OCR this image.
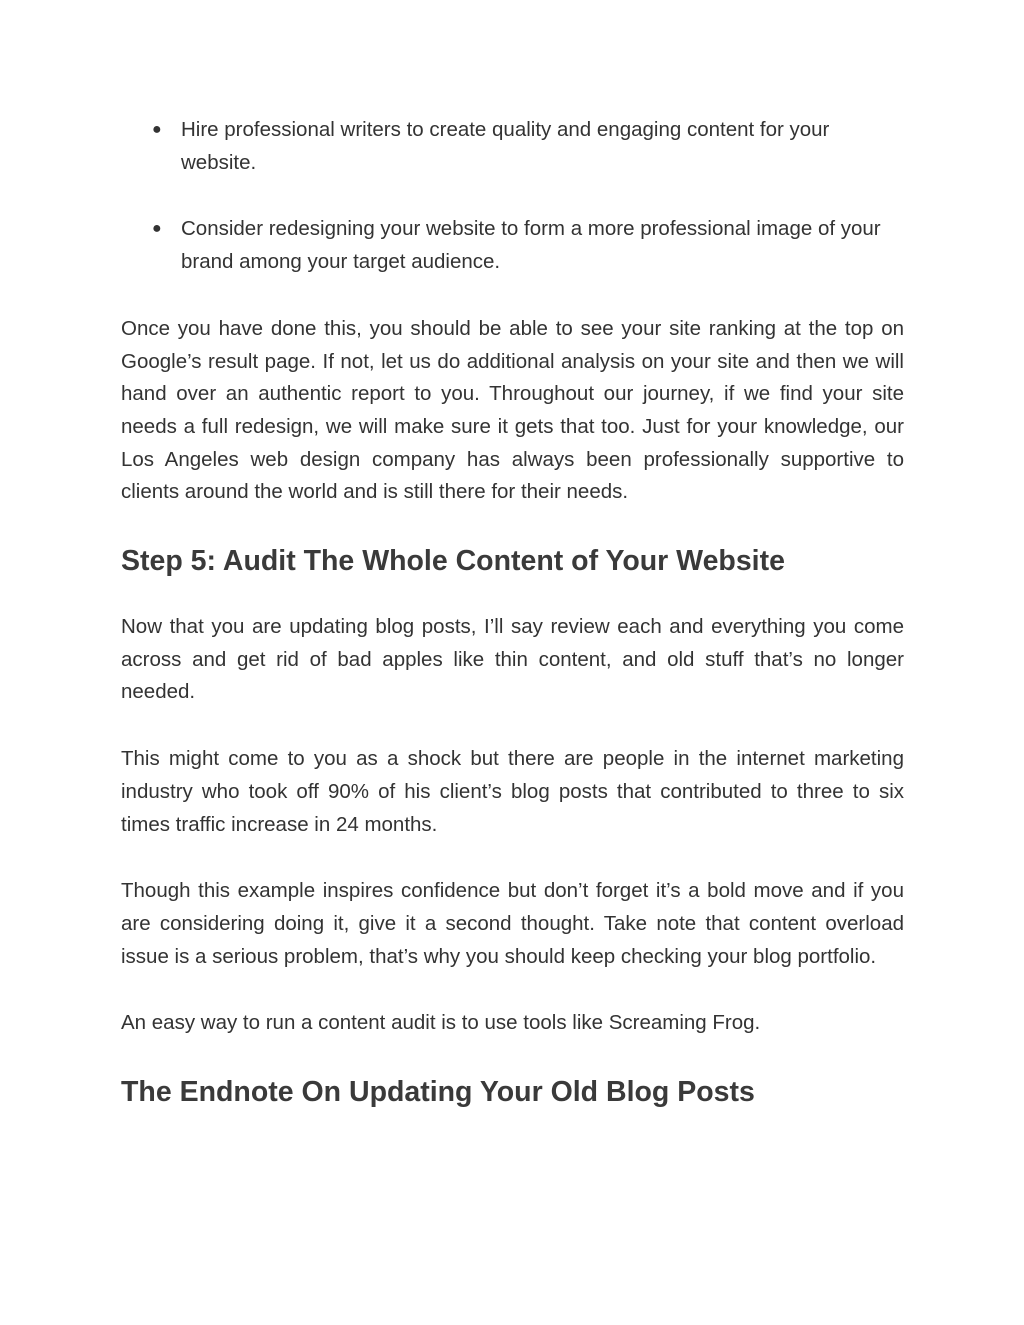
● Hire professional writers to create quality and engaging content for your website.
● Consider redesigning your website to form a more professional image of your brand among your target audience.

Once you have done this, you should be able to see your site ranking at the top on Google’s result page. If not, let us do additional analysis on your site and then we will hand over an authentic report to you. Throughout our journey, if we find your site needs a full redesign, we will make sure it gets that too. Just for your knowledge, our Los Angeles web design company has always been professionally supportive to clients around the world and is still there for their needs.

Step 5: Audit The Whole Content of Your Website

Now that you are updating blog posts, I’ll say review each and everything you come across and get rid of bad apples like thin content, and old stuff that’s no longer needed.

This might come to you as a shock but there are people in the internet marketing industry who took off 90% of his client’s blog posts that contributed to three to six times traffic increase in 24 months.

Though this example inspires confidence but don’t forget it’s a bold move and if you are considering doing it, give it a second thought. Take note that content overload issue is a serious problem, that’s why you should keep checking your blog portfolio.

An easy way to run a content audit is to use tools like Screaming Frog.

The Endnote On Updating Your Old Blog Posts
